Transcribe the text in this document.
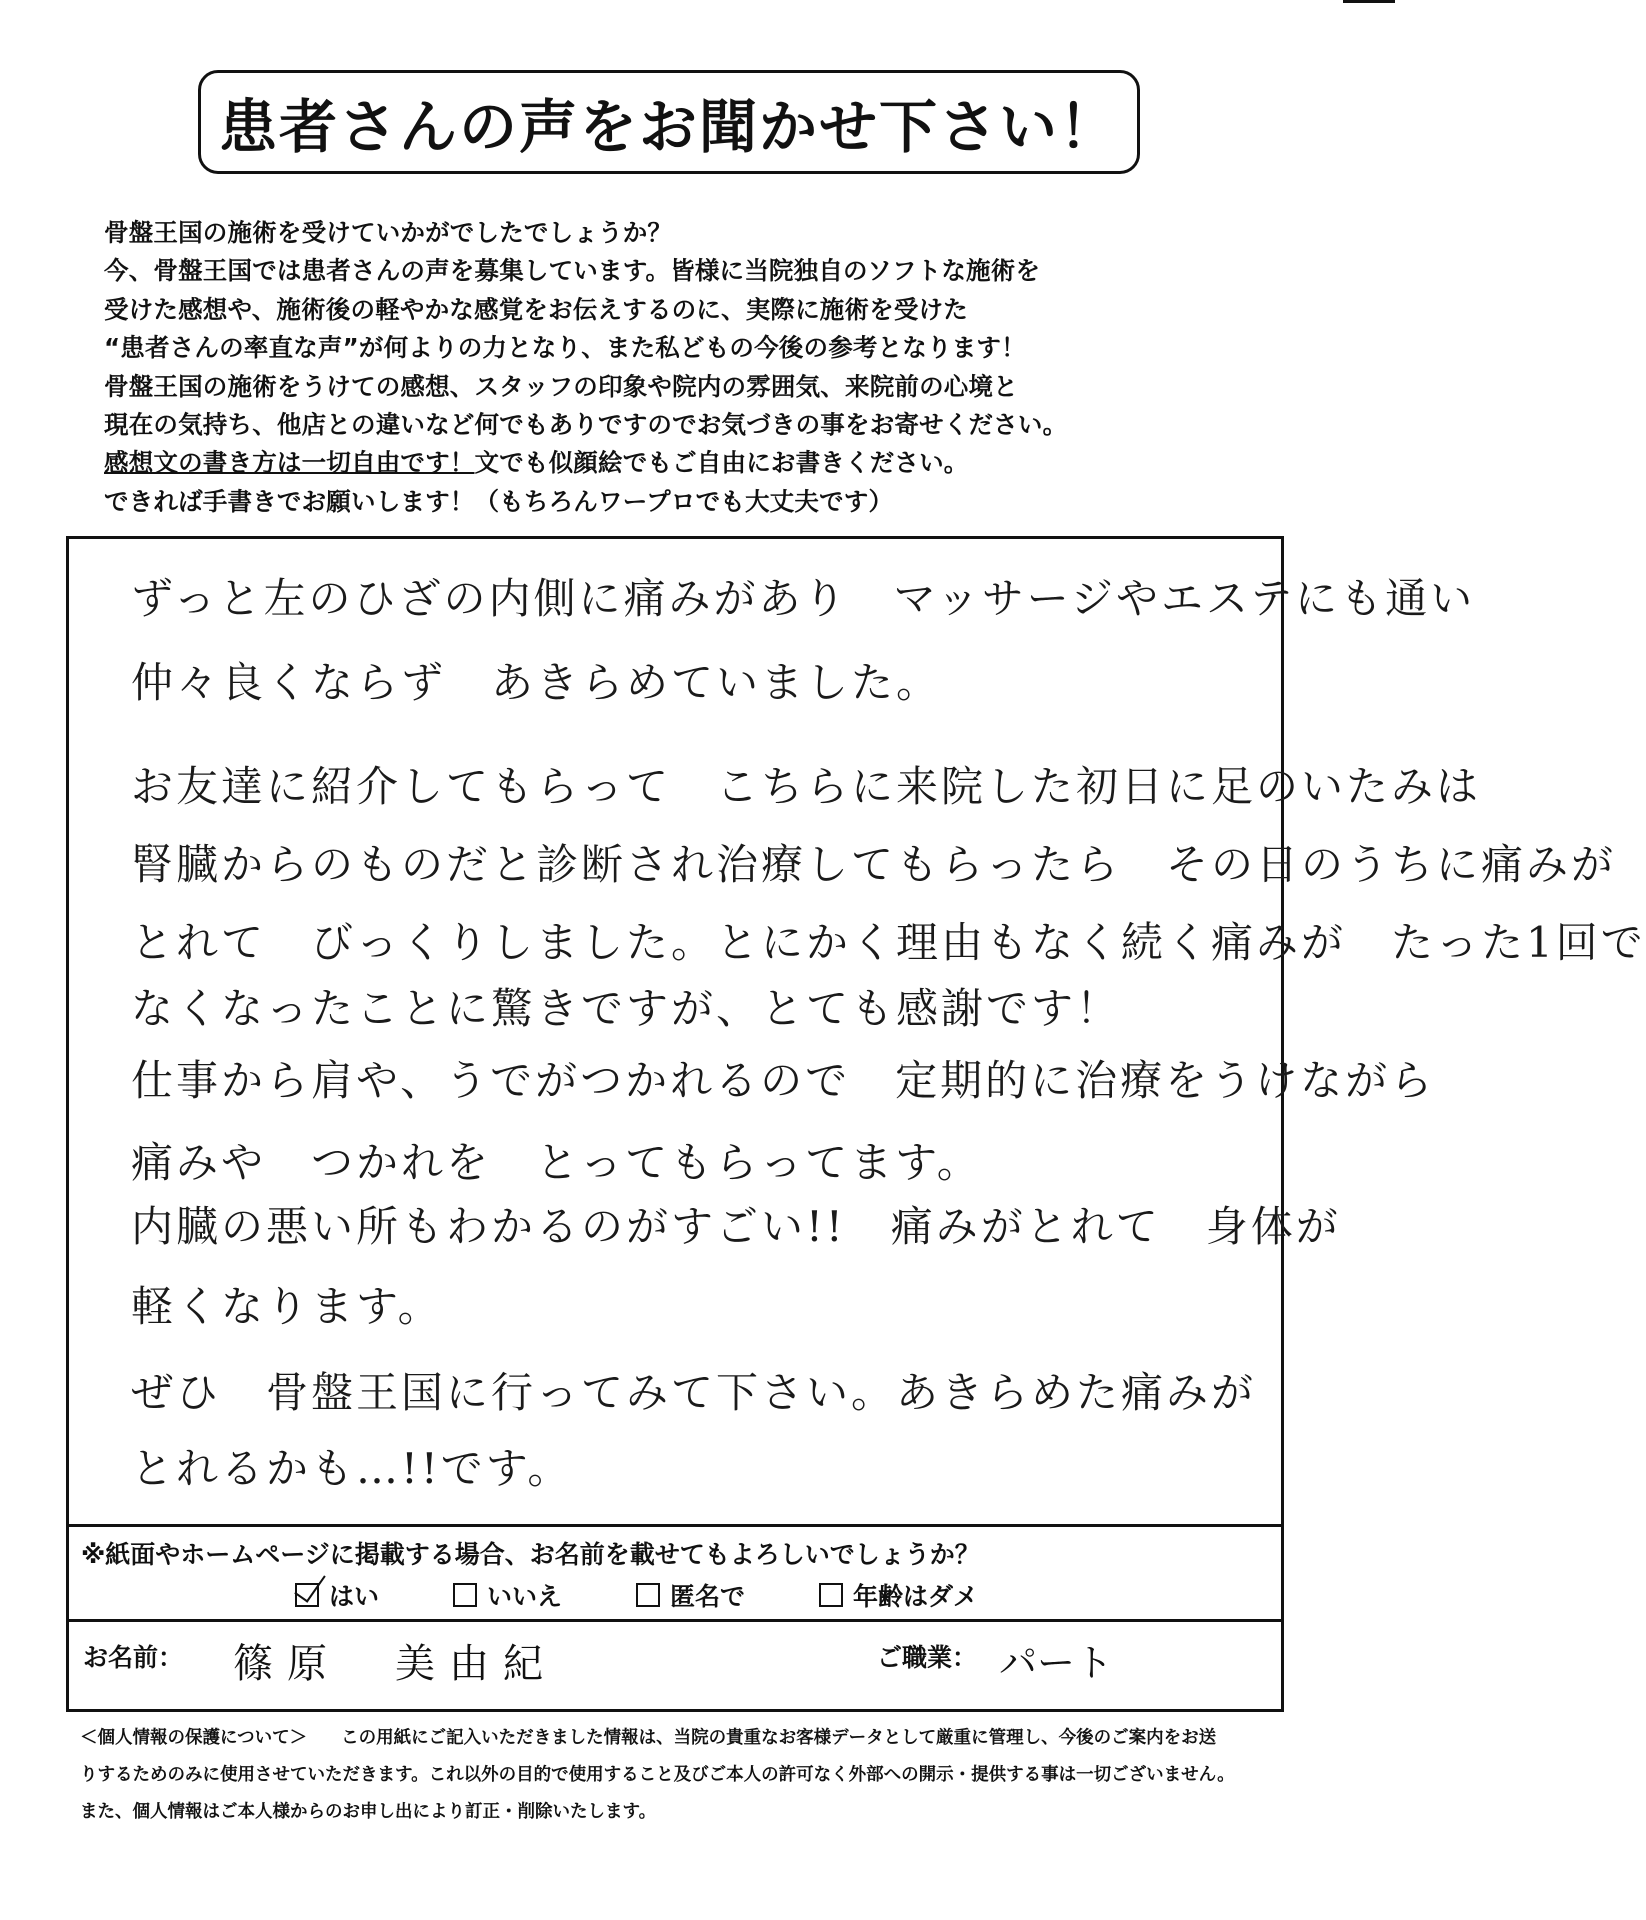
患者さんの声をお聞かせ下さい！
骨盤王国の施術を受けていかがでしたでしょうか？
今、骨盤王国では患者さんの声を募集しています。皆様に当院独自のソフトな施術を
受けた感想や、施術後の軽やかな感覚をお伝えするのに、実際に施術を受けた
“患者さんの率直な声”が何よりの力となり、また私どもの今後の参考となります！
骨盤王国の施術をうけての感想、スタッフの印象や院内の雰囲気、来院前の心境と
現在の気持ち、他店との違いなど何でもありですのでお気づきの事をお寄せください。
感想文の書き方は一切自由です！文でも似顔絵でもご自由にお書きください。
できれば手書きでお願いします！（もちろんワープロでも大丈夫です）
ずっと左のひざの内側に痛みがあり　マッサージやエステにも通い
仲々良くならず　あきらめていました。
お友達に紹介してもらって　こちらに来院した初日に足のいたみは
腎臓からのものだと診断され治療してもらったら　その日のうちに痛みが
とれて　びっくりしました。とにかく理由もなく続く痛みが　たった1回で
なくなったことに驚きですが、とても感謝です！
仕事から肩や、うでがつかれるので　定期的に治療をうけながら
痛みや　つかれを　とってもらってます。
内臓の悪い所もわかるのがすごい!!　痛みがとれて　身体が
軽くなります。
ぜひ　骨盤王国に行ってみて下さい。あきらめた痛みが
とれるかも…!!です。
※紙面やホームページに掲載する場合、お名前を載せてもよろしいでしょうか？
はい	いいえ	匿名で	年齢はダメ
お名前： 篠原　美由紀	ご職業： パート
＜個人情報の保護について＞ この用紙にご記入いただきました情報は、当院の貴重なお客様データとして厳重に管理し、今後のご案内をお送
りするためのみに使用させていただきます。これ以外の目的で使用すること及びご本人の許可なく外部への開示・提供する事は一切ございません。
また、個人情報はご本人様からのお申し出により訂正・削除いたします。
